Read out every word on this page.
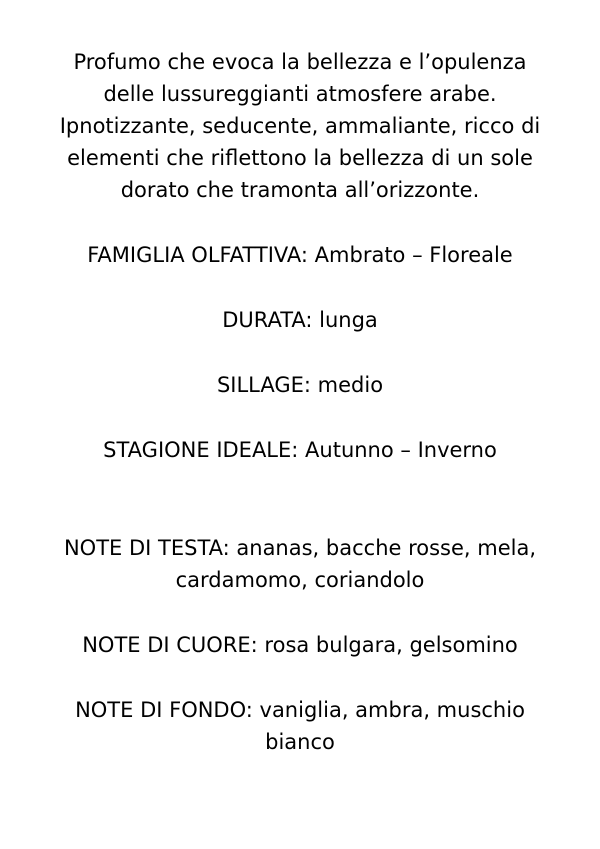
Profumo che evoca la bellezza e l’opulenza

delle lussureggianti atmosfere arabe.

Ipnotizzante, seducente, ammaliante, ricco di

elementi che riflettono la bellezza di un sole

dorato che tramonta all’orizzonte.

FAMIGLIA OLFATTIVA: Ambrato – Floreale

DURATA: lunga

SILLAGE: medio

STAGIONE IDEALE: Autunno – Inverno

NOTE DI TESTA: ananas, bacche rosse, mela,

cardamomo, coriandolo

NOTE DI CUORE: rosa bulgara, gelsomino

NOTE DI FONDO: vaniglia, ambra, muschio

bianco
